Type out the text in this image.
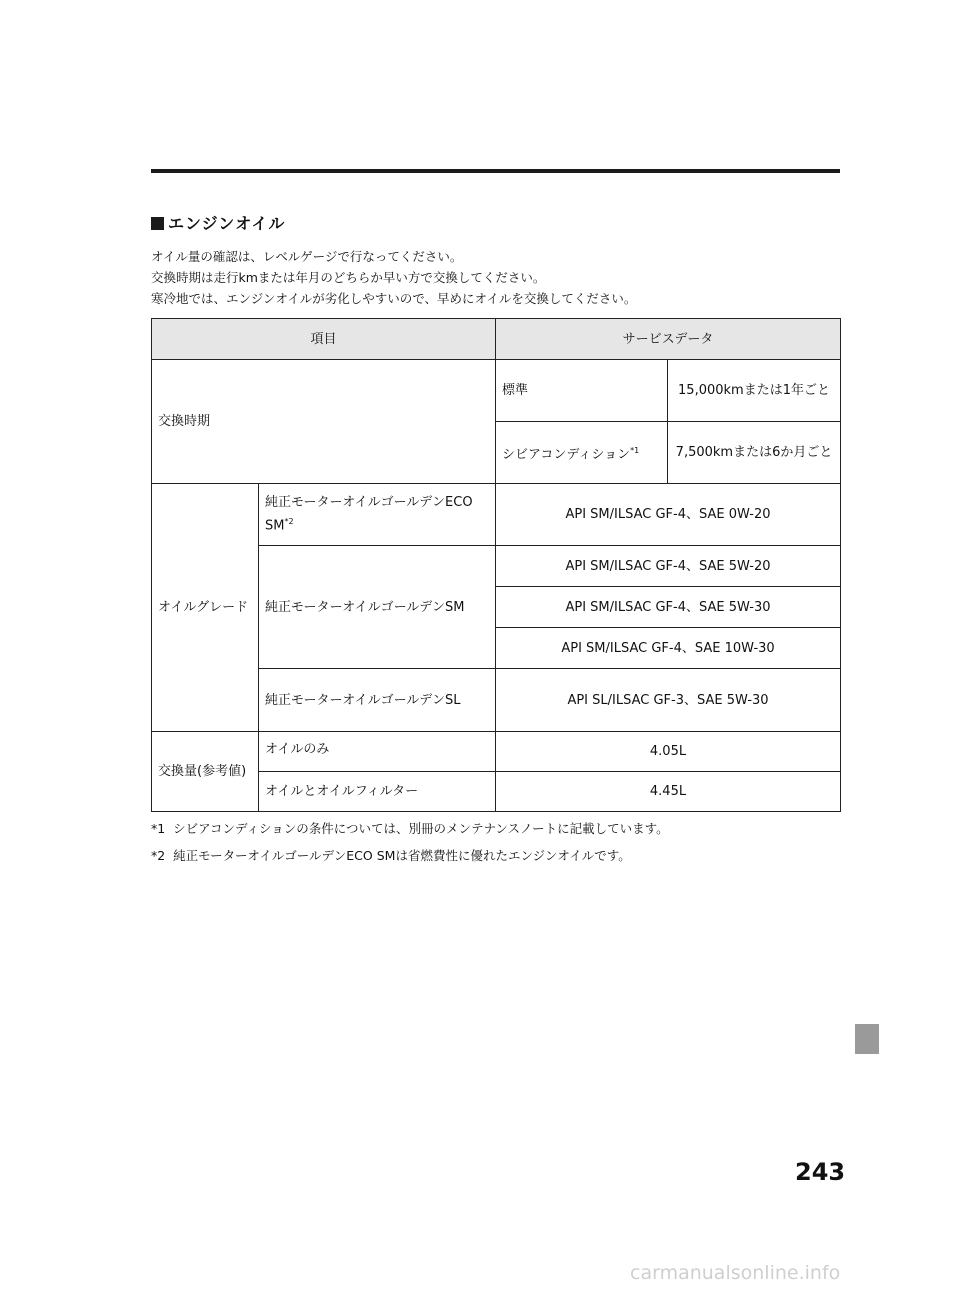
エンジンオイル

オイル量の確認は、レベルゲージで行なってください。

交換時期は走行kmまたは年月のどちらか早い方で交換してください。

寒冷地では、エンジンオイルが劣化しやすいので、早めにオイルを交換してください。

項目		サービスデータ	
交換時期		標準	15,000kmまたは1年ごと
		シビアコンディション$^{*1}$	7,500kmまたは6か月ごと
オイルグレード	純正モーターオイルゴールデンECO SM$^{*2}$	API SM/ILSAC GF-4、SAE 0W-20	
	純正モーターオイルゴールデンSM	API SM/ILSAC GF-4、SAE 5W-20	
		API SM/ILSAC GF-4、SAE 5W-30	
		API SM/ILSAC GF-4、SAE 10W-30	
	純正モーターオイルゴールデンSL	API SL/ILSAC GF-3、SAE 5W-30	
交換量(参考値)	オイルのみ	4.05L	
	オイルとオイルフィルター	4.45L	

*1 シビアコンディションの条件については、別冊のメンテナンスノートに記載しています。

*2 純正モーターオイルゴールデンECO SMは省燃費性に優れたエンジンオイルです。

243
carmanualsonline.info
